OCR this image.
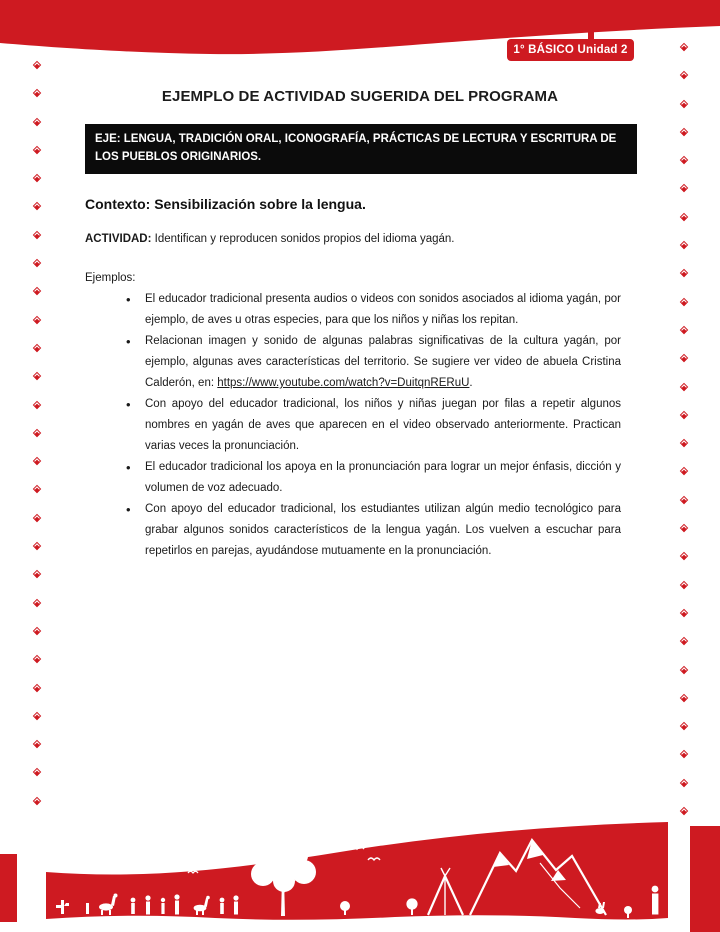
1° BÁSICO Unidad 2
EJEMPLO DE ACTIVIDAD SUGERIDA DEL PROGRAMA
EJE: LENGUA, TRADICIÓN ORAL, ICONOGRAFÍA, PRÁCTICAS DE LECTURA Y ESCRITURA DE LOS PUEBLOS ORIGINARIOS.
Contexto: Sensibilización sobre la lengua.
ACTIVIDAD: Identifican y reproducen sonidos propios del idioma yagán.
Ejemplos:
• El educador tradicional presenta audios o videos con sonidos asociados al idioma yagán, por ejemplo, de aves u otras especies, para que los niños y niñas los repitan.
• Relacionan imagen y sonido de algunas palabras significativas de la cultura yagán, por ejemplo, algunas aves características del territorio. Se sugiere ver video de abuela Cristina Calderón, en: https://www.youtube.com/watch?v=DuitqnRERuU.
• Con apoyo del educador tradicional, los niños y niñas juegan por filas a repetir algunos nombres en yagán de aves que aparecen en el video observado anteriormente. Practican varias veces la pronunciación.
• El educador tradicional los apoya en la pronunciación para lograr un mejor énfasis, dicción y volumen de voz adecuado.
• Con apoyo del educador tradicional, los estudiantes utilizan algún medio tecnológico para grabar algunos sonidos característicos de la lengua yagán. Los vuelven a escuchar para repetirlos en parejas, ayudándose mutuamente en la pronunciación.
